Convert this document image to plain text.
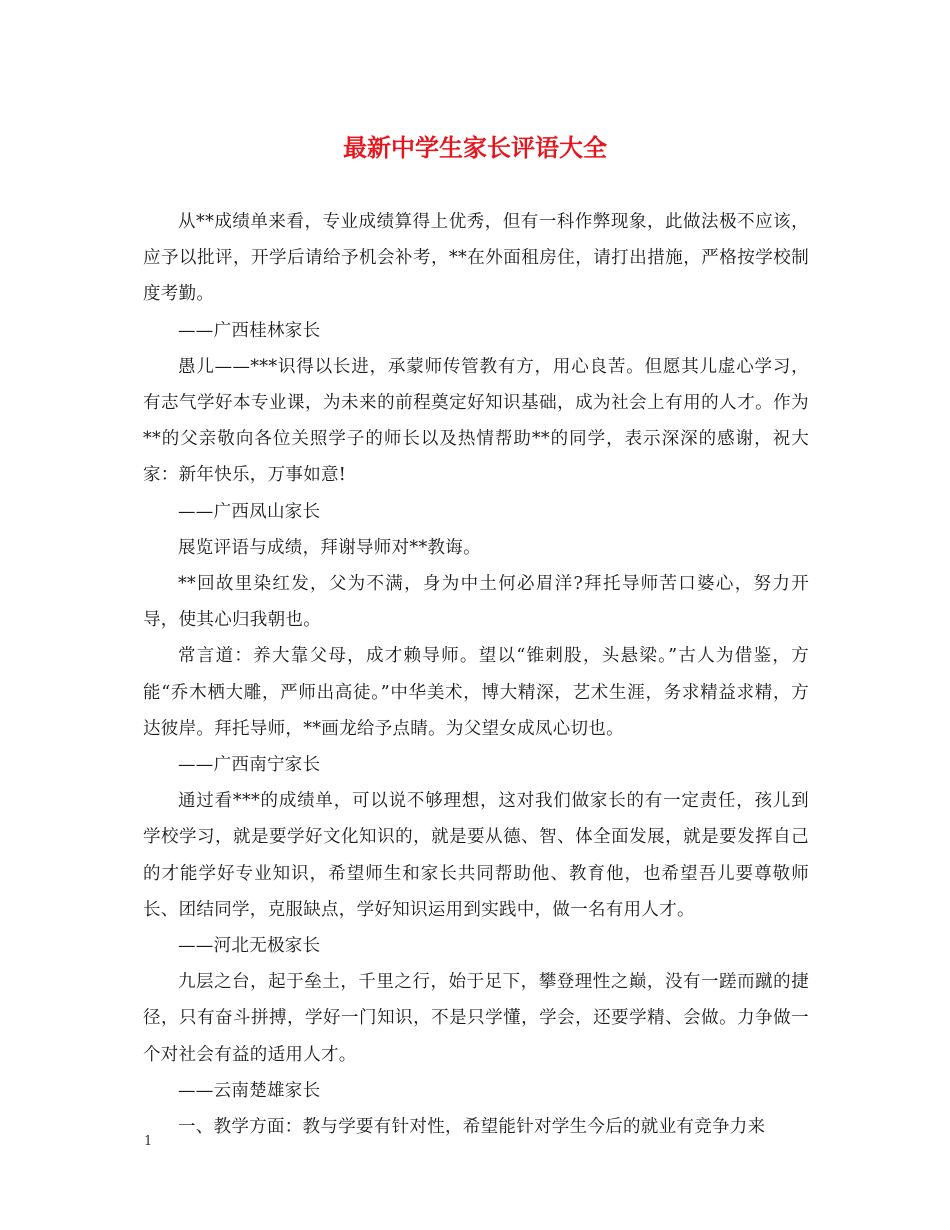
最新中学生家长评语大全

从**成绩单来看，专业成绩算得上优秀，但有一科作弊现象，此做法极不应该，应予以批评，开学后请给予机会补考，**在外面租房住，请打出措施，严格按学校制度考勤。

——广西桂林家长

愚儿——***识得以长进，承蒙师传管教有方，用心良苦。但愿其儿虚心学习，有志气学好本专业课，为未来的前程奠定好知识基础，成为社会上有用的人才。作为**的父亲敬向各位关照学子的师长以及热情帮助**的同学，表示深深的感谢，祝大家：新年快乐，万事如意!

——广西凤山家长

展览评语与成绩，拜谢导师对**教诲。

**回故里染红发，父为不满，身为中土何必眉洋?拜托导师苦口婆心，努力开导，使其心归我朝也。

常言道：养大靠父母，成才赖导师。望以“锥刺股，头悬梁。”古人为借鉴，方能“乔木栖大雕，严师出高徒。”中华美术，博大精深，艺术生涯，务求精益求精，方达彼岸。拜托导师，**画龙给予点睛。为父望女成凤心切也。

——广西南宁家长

通过看***的成绩单，可以说不够理想，这对我们做家长的有一定责任，孩儿到学校学习，就是要学好文化知识的，就是要从德、智、体全面发展，就是要发挥自己的才能学好专业知识，希望师生和家长共同帮助他、教育他，也希望吾儿要尊敬师长、团结同学，克服缺点，学好知识运用到实践中，做一名有用人才。

——河北无极家长

九层之台，起于垒土，千里之行，始于足下，攀登理性之巅，没有一蹉而蹴的捷径，只有奋斗拼搏，学好一门知识，不是只学懂，学会，还要学精、会做。力争做一个对社会有益的适用人才。

——云南楚雄家长

一、教学方面：教与学要有针对性，希望能针对学生今后的就业有竞争力来

1
